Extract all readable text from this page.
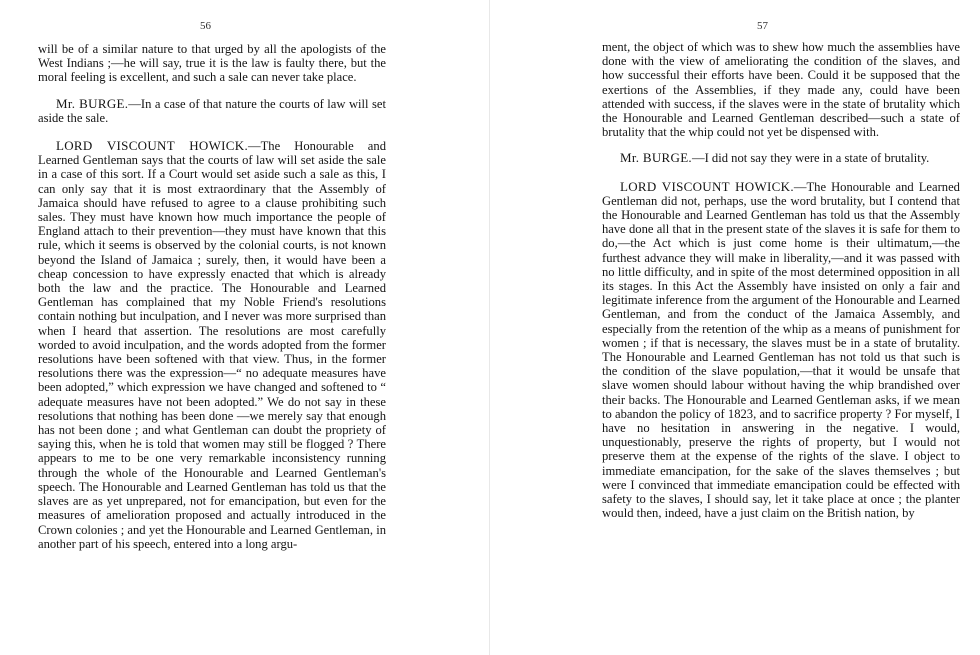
56

will be of a similar nature to that urged by all the apologists of the West Indians ;—he will say, true it is the law is faulty there, but the moral feeling is excellent, and such a sale can never take place.

Mr. BURGE.—In a case of that nature the courts of law will set aside the sale.

LORD VISCOUNT HOWICK.—The Honourable and Learned Gentleman says that the courts of law will set aside the sale in a case of this sort. If a Court would set aside such a sale as this, I can only say that it is most extraordinary that the Assembly of Jamaica should have refused to agree to a clause prohibiting such sales. They must have known how much importance the people of England attach to their prevention—they must have known that this rule, which it seems is observed by the colonial courts, is not known beyond the Island of Jamaica ; surely, then, it would have been a cheap concession to have expressly enacted that which is already both the law and the practice. The Honourable and Learned Gentleman has complained that my Noble Friend's resolutions contain nothing but inculpation, and I never was more surprised than when I heard that assertion. The resolutions are most carefully worded to avoid inculpation, and the words adopted from the former resolutions have been softened with that view. Thus, in the former resolutions there was the expression—“ no adequate measures have been adopted,” which expression we have changed and softened to “ adequate measures have not been adopted.” We do not say in these resolutions that nothing has been done —we merely say that enough has not been done ; and what Gentleman can doubt the propriety of saying this, when he is told that women may still be flogged ? There appears to me to be one very remarkable inconsistency running through the whole of the Honourable and Learned Gentleman's speech. The Honourable and Learned Gentleman has told us that the slaves are as yet unprepared, not for emancipation, but even for the measures of amelioration proposed and actually introduced in the Crown colonies ; and yet the Honourable and Learned Gentleman, in another part of his speech, entered into a long argu-

57

ment, the object of which was to shew how much the assemblies have done with the view of ameliorating the condition of the slaves, and how successful their efforts have been. Could it be supposed that the exertions of the Assemblies, if they made any, could have been attended with success, if the slaves were in the state of brutality which the Honourable and Learned Gentleman described—such a state of brutality that the whip could not yet be dispensed with.

Mr. BURGE.—I did not say they were in a state of brutality.

LORD VISCOUNT HOWICK.—The Honourable and Learned Gentleman did not, perhaps, use the word brutality, but I contend that the Honourable and Learned Gentleman has told us that the Assembly have done all that in the present state of the slaves it is safe for them to do,—the Act which is just come home is their ultimatum,—the furthest advance they will make in liberality,—and it was passed with no little difficulty, and in spite of the most determined opposition in all its stages. In this Act the Assembly have insisted on only a fair and legitimate inference from the argument of the Honourable and Learned Gentleman, and from the conduct of the Jamaica Assembly, and especially from the retention of the whip as a means of punishment for women ; if that is necessary, the slaves must be in a state of brutality. The Honourable and Learned Gentleman has not told us that such is the condition of the slave population,—that it would be unsafe that slave women should labour without having the whip brandished over their backs. The Honourable and Learned Gentleman asks, if we mean to abandon the policy of 1823, and to sacrifice property ? For myself, I have no hesitation in answering in the negative. I would, unquestionably, preserve the rights of property, but I would not preserve them at the expense of the rights of the slave. I object to immediate emancipation, for the sake of the slaves themselves ; but were I convinced that immediate emancipation could be effected with safety to the slaves, I should say, let it take place at once ; the planter would then, indeed, have a just claim on the British nation, by
